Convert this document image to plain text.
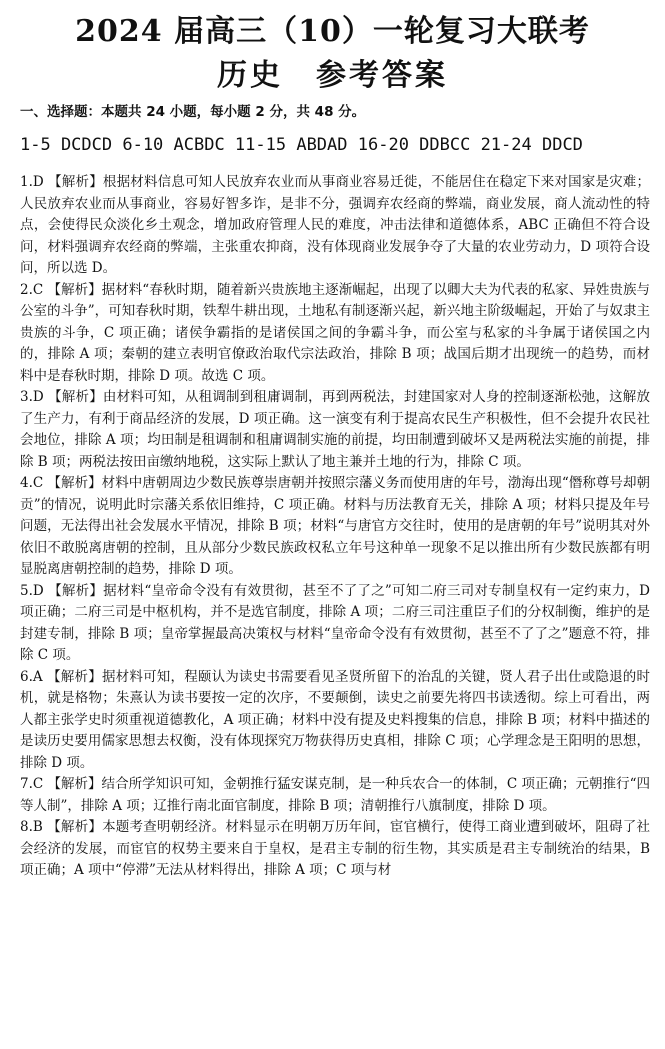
2024 届高三（10）一轮复习大联考
历史　参考答案
一、选择题：本题共 24 小题，每小题 2 分，共 48 分。
1-5 DCDCD 6-10 ACBDC 11-15 ABDAD 16-20 DDBCC 21-24 DDCD

1.D 【解析】根据材料信息可知人民放弃农业而从事商业容易迁徙，不能居住在稳定下来对国家是灾难；人民放弃农业而从事商业，容易好智多诈，是非不分，强调弃农经商的弊端，商业发展，商人流动性的特点，会使得民众淡化乡土观念，增加政府管理人民的难度，冲击法律和道德体系，ABC 正确但不符合设问，材料强调弃农经商的弊端，主张重农抑商，没有体现商业发展争夺了大量的农业劳动力，D 项符合设问，所以选 D。

2.C 【解析】据材料“春秋时期，随着新兴贵族地主逐渐崛起，出现了以卿大夫为代表的私家、异姓贵族与公室的斗争”，可知春秋时期，铁犁牛耕出现，土地私有制逐渐兴起，新兴地主阶级崛起，开始了与奴隶主贵族的斗争，C 项正确；诸侯争霸指的是诸侯国之间的争霸斗争，而公室与私家的斗争属于诸侯国之内的，排除 A 项；秦朝的建立表明官僚政治取代宗法政治，排除 B 项；战国后期才出现统一的趋势，而材料中是春秋时期，排除 D 项。故选 C 项。

3.D 【解析】由材料可知，从租调制到租庸调制，再到两税法，封建国家对人身的控制逐渐松弛，这解放了生产力，有利于商品经济的发展，D 项正确。这一演变有利于提高农民生产积极性，但不会提升农民社会地位，排除 A 项；均田制是租调制和租庸调制实施的前提，均田制遭到破坏又是两税法实施的前提，排除 B 项；两税法按田亩缴纳地税，这实际上默认了地主兼并土地的行为，排除 C 项。

4.C 【解析】材料中唐朝周边少数民族尊崇唐朝并按照宗藩义务而使用唐的年号，渤海出现“僭称尊号却朝贡”的情况，说明此时宗藩关系依旧维持，C 项正确。材料与历法教育无关，排除 A 项；材料只提及年号问题，无法得出社会发展水平情况，排除 B 项；材料“与唐官方交往时，使用的是唐朝的年号”说明其对外依旧不敢脱离唐朝的控制，且从部分少数民族政权私立年号这种单一现象不足以推出所有少数民族都有明显脱离唐朝控制的趋势，排除 D 项。

5.D 【解析】据材料“皇帝命令没有有效贯彻，甚至不了了之”可知二府三司对专制皇权有一定约束力，D 项正确；二府三司是中枢机构，并不是选官制度，排除 A 项；二府三司注重臣子们的分权制衡，维护的是封建专制，排除 B 项；皇帝掌握最高决策权与材料“皇帝命令没有有效贯彻，甚至不了了之”题意不符，排除 C 项。

6.A 【解析】据材料可知，程颐认为读史书需要看见圣贤所留下的治乱的关键，贤人君子出仕或隐退的时机，就是格物；朱熹认为读书要按一定的次序，不要颠倒，读史之前要先将四书读透彻。综上可看出，两人都主张学史时须重视道德教化，A 项正确；材料中没有提及史料搜集的信息，排除 B 项；材料中描述的是读历史要用儒家思想去权衡，没有体现探究万物获得历史真相，排除 C 项；心学理念是王阳明的思想，排除 D 项。

7.C 【解析】结合所学知识可知，金朝推行猛安谋克制，是一种兵农合一的体制，C 项正确；元朝推行“四等人制”，排除 A 项；辽推行南北面官制度，排除 B 项；清朝推行八旗制度，排除 D 项。

8.B 【解析】本题考查明朝经济。材料显示在明朝万历年间，宦官横行，使得工商业遭到破坏，阻碍了社会经济的发展，而宦官的权势主要来自于皇权，是君主专制的衍生物，其实质是君主专制统治的结果，B 项正确；A 项中“停滞”无法从材料得出，排除 A 项；C 项与材
